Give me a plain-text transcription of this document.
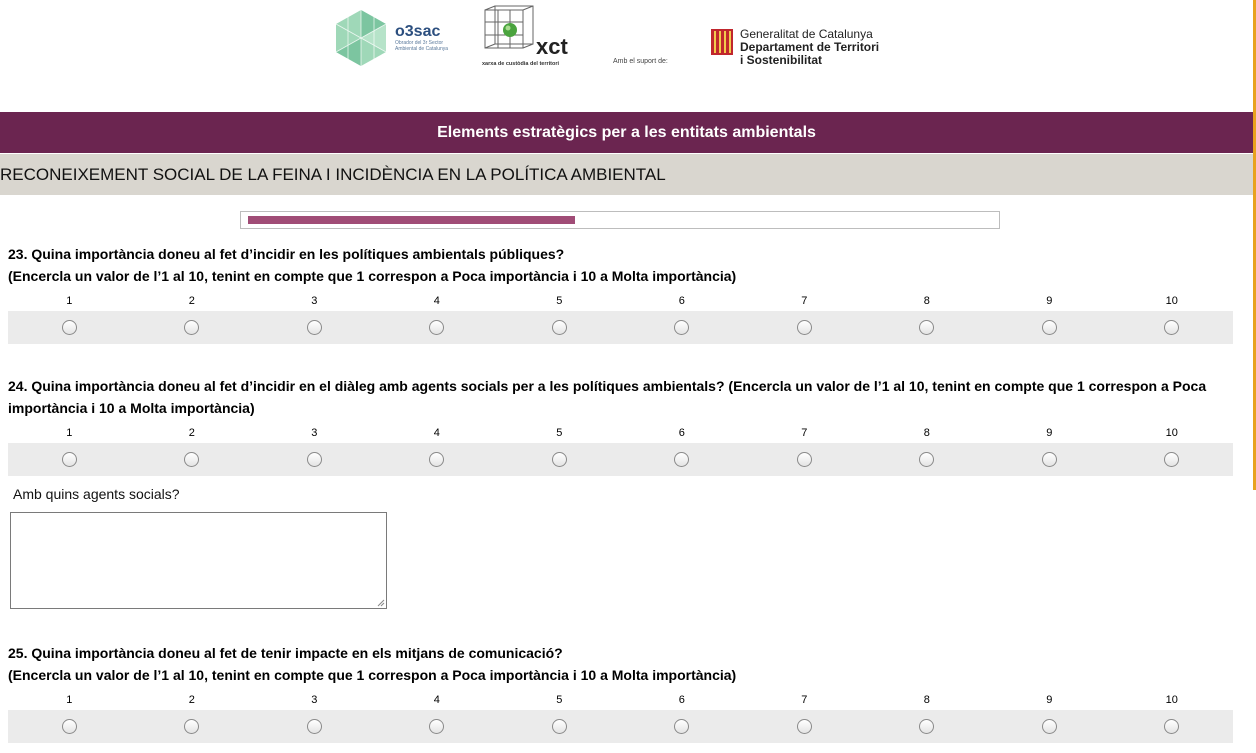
o3sac
Obrador del 3r Sector Ambiental de Catalunya	xct
xarxa de custòdia del territori	Amb el suport de:
Generalitat de Catalunya
Departament de Territori
i Sostenibilitat
Elements estratègics per a les entitats ambientals
RECONEIXEMENT SOCIAL DE LA FEINA I INCIDÈNCIA EN LA POLÍTICA AMBIENTAL
23. Quina importància doneu al fet d’incidir en les polítiques ambientals públiques?
(Encercla un valor de l’1 al 10, tenint en compte que 1 correspon a Poca importància i 10 a Molta importància)
1	2	3	4	5	6	7	8	9	10
24. Quina importància doneu al fet d’incidir en el diàleg amb agents socials per a les polítiques ambientals? (Encercla un valor de l’1 al 10, tenint en compte que 1 correspon a Poca importància i 10 a Molta importància)
1	2	3	4	5	6	7	8	9	10
Amb quins agents socials?
25. Quina importància doneu al fet de tenir impacte en els mitjans de comunicació?
(Encercla un valor de l’1 al 10, tenint en compte que 1 correspon a Poca importància i 10 a Molta importància)
1	2	3	4	5	6	7	8	9	10
